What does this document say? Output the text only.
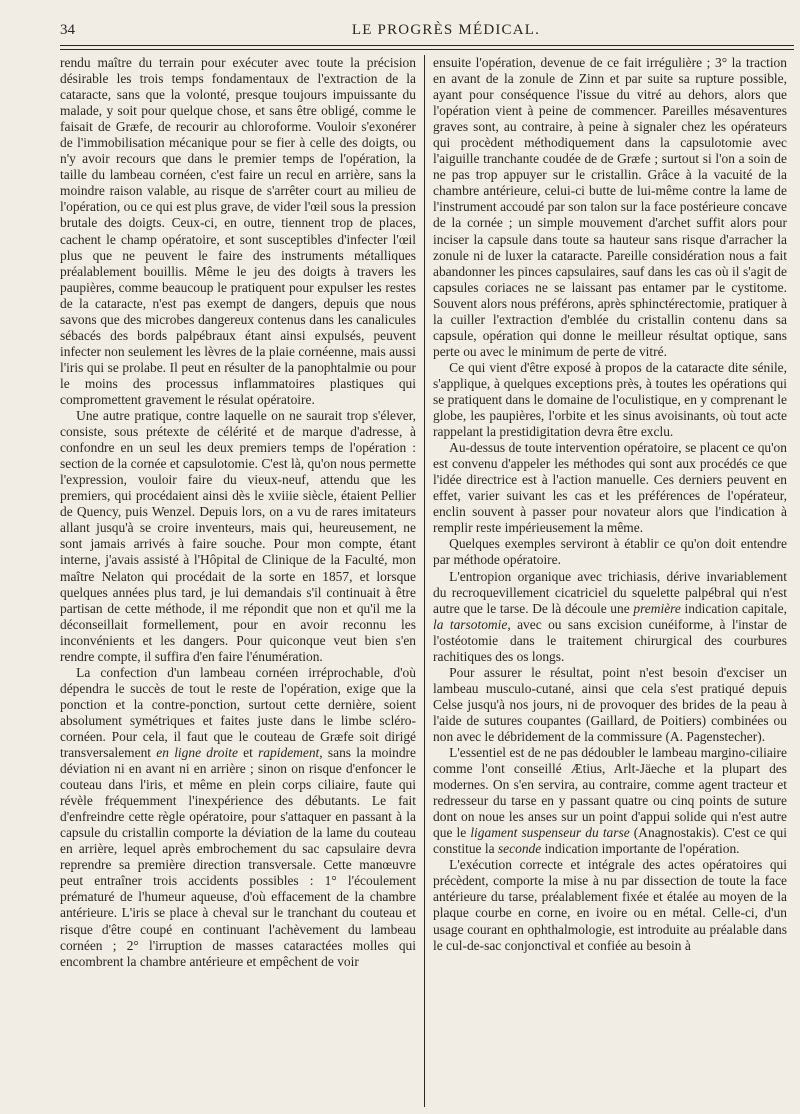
34	LE PROGRÈS MÉDICAL.

rendu maître du terrain pour exécuter avec toute la précision désirable les trois temps fondamentaux de l'extraction de la cataracte, sans que la volonté, presque toujours impuissante du malade, y soit pour quelque chose, et sans être obligé, comme le faisait de Græfe, de recourir au chloroforme. Vouloir s'exonérer de l'immobilisation mécanique pour se fier à celle des doigts, ou n'y avoir recours que dans le premier temps de l'opération, la taille du lambeau cornéen, c'est faire un recul en arrière, sans la moindre raison valable, au risque de s'arrêter court au milieu de l'opération, ou ce qui est plus grave, de vider l'œil sous la pression brutale des doigts. Ceux-ci, en outre, tiennent trop de places, cachent le champ opératoire, et sont susceptibles d'infecter l'œil plus que ne peuvent le faire des instruments métalliques préalablement bouillis. Même le jeu des doigts à travers les paupières, comme beaucoup le pratiquent pour expulser les restes de la cataracte, n'est pas exempt de dangers, depuis que nous savons que des microbes dangereux contenus dans les canalicules sébacés des bords palpébraux étant ainsi expulsés, peuvent infecter non seulement les lèvres de la plaie cornéenne, mais aussi l'iris qui se prolabe. Il peut en résulter de la panophtalmie ou pour le moins des processus inflammatoires plastiques qui compromettent gravement le résulat opératoire.

Une autre pratique, contre laquelle on ne saurait trop s'élever, consiste, sous prétexte de célérité et de marque d'adresse, à confondre en un seul les deux premiers temps de l'opération : section de la cornée et capsulotomie. C'est là, qu'on nous permette l'expression, vouloir faire du vieux-neuf, attendu que les premiers, qui procédaient ainsi dès le xviiie siècle, étaient Pellier de Quency, puis Wenzel. Depuis lors, on a vu de rares imitateurs allant jusqu'à se croire inventeurs, mais qui, heureusement, ne sont jamais arrivés à faire souche. Pour mon compte, étant interne, j'avais assisté à l'Hôpital de Clinique de la Faculté, mon maître Nelaton qui procédait de la sorte en 1857, et lorsque quelques années plus tard, je lui demandais s'il continuait à être partisan de cette méthode, il me répondit que non et qu'il me la déconseillait formellement, pour en avoir reconnu les inconvénients et les dangers. Pour quiconque veut bien s'en rendre compte, il suffira d'en faire l'énumération.

La confection d'un lambeau cornéen irréprochable, d'où dépendra le succès de tout le reste de l'opération, exige que la ponction et la contre-ponction, surtout cette dernière, soient absolument symétriques et faites juste dans le limbe scléro-cornéen. Pour cela, il faut que le couteau de Græfe soit dirigé transversalement en ligne droite et rapidement, sans la moindre déviation ni en avant ni en arrière ; sinon on risque d'enfoncer le couteau dans l'iris, et même en plein corps ciliaire, faute qui révèle fréquemment l'inexpérience des débutants. Le fait d'enfreindre cette règle opératoire, pour s'attaquer en passant à la capsule du cristallin comporte la déviation de la lame du couteau en arrière, lequel après embrochement du sac capsulaire devra reprendre sa première direction transversale. Cette manœuvre peut entraîner trois accidents possibles : 1° l'écoulement prématuré de l'humeur aqueuse, d'où effacement de la chambre antérieure. L'iris se place à cheval sur le tranchant du couteau et risque d'être coupé en continuant l'achèvement du lambeau cornéen ; 2° l'irruption de masses cataractées molles qui encombrent la chambre antérieure et empêchent de voir

ensuite l'opération, devenue de ce fait irrégulière ; 3° la traction en avant de la zonule de Zinn et par suite sa rupture possible, ayant pour conséquence l'issue du vitré au dehors, alors que l'opération vient à peine de commencer. Pareilles mésaventures graves sont, au contraire, à peine à signaler chez les opérateurs qui procèdent méthodiquement dans la capsulotomie avec l'aiguille tranchante coudée de de Græfe ; surtout si l'on a soin de ne pas trop appuyer sur le cristallin. Grâce à la vacuité de la chambre antérieure, celui-ci butte de lui-même contre la lame de l'instrument accoudé par son talon sur la face postérieure concave de la cornée ; un simple mouvement d'archet suffit alors pour inciser la capsule dans toute sa hauteur sans risque d'arracher la zonule ni de luxer la cataracte. Pareille considération nous a fait abandonner les pinces capsulaires, sauf dans les cas où il s'agit de capsules coriaces ne se laissant pas entamer par le cystitome. Souvent alors nous préférons, après sphinctérectomie, pratiquer à la cuiller l'extraction d'emblée du cristallin contenu dans sa capsule, opération qui donne le meilleur résultat optique, sans perte ou avec le minimum de perte de vitré.

Ce qui vient d'être exposé à propos de la cataracte dite sénile, s'applique, à quelques exceptions près, à toutes les opérations qui se pratiquent dans le domaine de l'oculistique, en y comprenant le globe, les paupières, l'orbite et les sinus avoisinants, où tout acte rappelant la prestidigitation devra être exclu.

Au-dessus de toute intervention opératoire, se placent ce qu'on est convenu d'appeler les méthodes qui sont aux procédés ce que l'idée directrice est à l'action manuelle. Ces derniers peuvent en effet, varier suivant les cas et les préférences de l'opérateur, enclin souvent à passer pour novateur alors que l'indication à remplir reste impérieusement la même.

Quelques exemples serviront à établir ce qu'on doit entendre par méthode opératoire.

L'entropion organique avec trichiasis, dérive invariablement du recroquevillement cicatriciel du squelette palpébral qui n'est autre que le tarse. De là découle une première indication capitale, la tarsotomie, avec ou sans excision cunéiforme, à l'instar de l'ostéotomie dans le traitement chirurgical des courbures rachitiques des os longs.

Pour assurer le résultat, point n'est besoin d'exciser un lambeau musculo-cutané, ainsi que cela s'est pratiqué depuis Celse jusqu'à nos jours, ni de provoquer des brides de la peau à l'aide de sutures coupantes (Gaillard, de Poitiers) combinées ou non avec le débridement de la commissure (A. Pagenstecher).

L'essentiel est de ne pas dédoubler le lambeau margino-ciliaire comme l'ont conseillé Ætius, Arlt-Jäeche et la plupart des modernes. On s'en servira, au contraire, comme agent tracteur et redresseur du tarse en y passant quatre ou cinq points de suture dont on noue les anses sur un point d'appui solide qui n'est autre que le ligament suspenseur du tarse (Anagnostakis). C'est ce qui constitue la seconde indication importante de l'opération.

L'exécution correcte et intégrale des actes opératoires qui précèdent, comporte la mise à nu par dissection de toute la face antérieure du tarse, préalablement fixée et étalée au moyen de la plaque courbe en corne, en ivoire ou en métal. Celle-ci, d'un usage courant en ophthalmologie, est introduite au préalable dans le cul-de-sac conjonctival et confiée au besoin à
